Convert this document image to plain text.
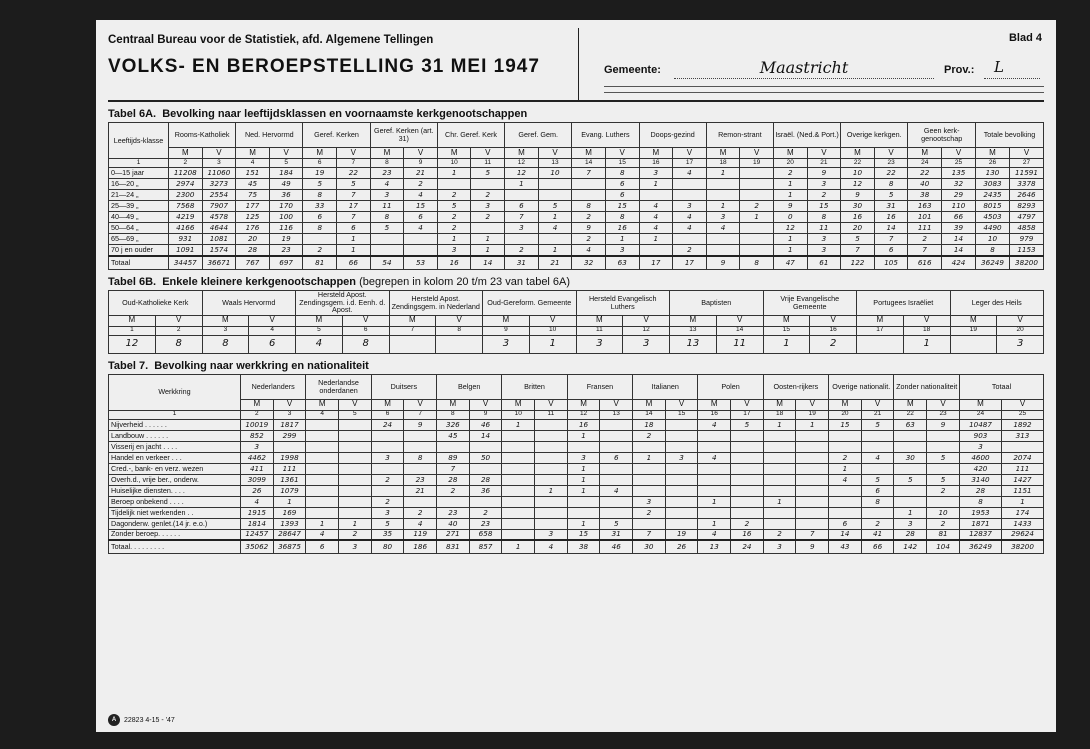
Centraal Bureau voor de Statistiek, afd. Algemene Tellingen
VOLKS- EN BEROEPSTELLING 31 MEI 1947
Blad 4
Gemeente:	Maastricht	Prov.:	L
Tabel 6A. Bevolking naar leeftijdsklassen en voornaamste kerkgenootschappen
Leeftijds-klasse	Rooms-Katholiek		Ned. Hervormd		Geref. Kerken		Geref. Kerken (art. 31)		Chr. Geref. Kerk		Geref. Gem.		Evang. Luthers		Doops-gezind		Remon-strant		Israël. (Ned.& Port.)		Overige kerkgen.		Geen kerk-genootschap		Totale bevolking	
	M	V	M	V	M	V	M	V	M	V	M	V	M	V	M	V	M	V	M	V	M	V	M	V	M	V
1	2	3	4	5	6	7	8	9	10	11	12	13	14	15	16	17	18	19	20	21	22	23	24	25	26	27
0—15 jaar	11208	11060	151	184	19	22	23	21	1	5	12	10	7	8	3	4	1		2	9	10	22	22	135	130	11591
16—20 „	2974	3273	45	49	5	5	4	2			1			6	1				1	3	12	8	40	32	3083	3378
21—24 „	2300	2554	75	36	8	7	3	4	2	2				6					1	2	9	5	38	29	2435	2646
25—39 „	7568	7907	177	170	33	17	11	15	5	3	6	5	8	15	4	3	1	2	9	15	30	31	163	110	8015	8293
40—49 „	4219	4578	125	100	6	7	8	6	2	2	7	1	2	8	4	4	3	1	0	8	16	16	101	66	4503	4797
50—64 „	4166	4644	176	116	8	6	5	4	2		3	4	9	16	4	4	4		12	11	20	14	111	39	4490	4858
65—69 „	931	1081	20	19		1			1	1			2	1	1				1	3	5	7	2	14	10	979
70 j en ouder	1091	1574	28	23	2	1			3	1	2	1	4	3		2			1	3	7	6	7	14	8	1153
Totaal	34457	36671	767	697	81	66	54	53	16	14	31	21	32	63	17	17	9	8	47	61	122	105	616	424	36249	38200
Tabel 6B. Enkele kleinere kerkgenootschappen (begrepen in kolom 20 t/m 23 van tabel 6A)
Oud-Katholieke Kerk		Waals Hervormd		Hersteld Apost. Zendingsgem. i.d. Eenh. d. Apost.		Hersteld Apost. Zendingsgem. in Nederland		Oud-Gereform. Gemeente		Hersteld Evangelisch Luthers		Baptisten		Vrije Evangelische Gemeente		Portugees Israëliet		Leger des Heils	
M	V	M	V	M	V	M	V	M	V	M	V	M	V	M	V	M	V	M	V
1	2	3	4	5	6	7	8	9	10	11	12	13	14	15	16	17	18	19	20
12	8	8	6	4	8			3	1	3	3	13	11	1	2		1		3
Tabel 7. Bevolking naar werkkring en nationaliteit
Werkkring	Nederlanders		Nederlandse onderdanen		Duitsers		Belgen		Britten		Fransen		Italianen		Polen		Oosten-rijkers		Overige nationalit.		Zonder nationaliteit		Totaal	
	M	V	M	V	M	V	M	V	M	V	M	V	M	V	M	V	M	V	M	V	M	V	M	V
1	2	3	4	5	6	7	8	9	10	11	12	13	14	15	16	17	18	19	20	21	22	23	24	25
Nijverheid . . . . . .	10019	1817			24	9	326	46	1		16		18		4	5	1	1	15	5	63	9	10487	1892
Landbouw . . . . . .	852	299					45	14			1		2										903	313
Visserij en jacht . . . .	3																						3	
Handel en verkeer . . .	4462	1998			3	8	89	50			3	6	1	3	4				2	4	30	5	4600	2074
Cred.-, bank- en verz. wezen	411	111					7				1								1				420	111
Overh.d., vrije ber., onderw.	3099	1361			2	23	28	28			1								4	5	5	5	3140	1427
Huiselijke diensten. . . .	26	1079				21	2	36		1	1	4								6		2	28	1151
Beroep onbekend . . . .	4	1			2								3		1		1			8			8	1
Tijdelijk niet werkenden . .	1915	169			3	2	23	2					2								1	10	1953	174
Dagonderw. genlet.(14 jr. e.o.)	1814	1393	1	1	5	4	40	23			1	5			1	2			6	2	3	2	1871	1433
Zonder beroep. . . . . .	12457	28647	4	2	35	119	271	658		3	15	31	7	19	4	16	2	7	14	41	28	81	12837	29624
Totaal. . . . . . . . .	35062	36875	6	3	80	186	831	857	1	4	38	46	30	26	13	24	3	9	43	66	142	104	36249	38200
A	22823 4-15 - '47
